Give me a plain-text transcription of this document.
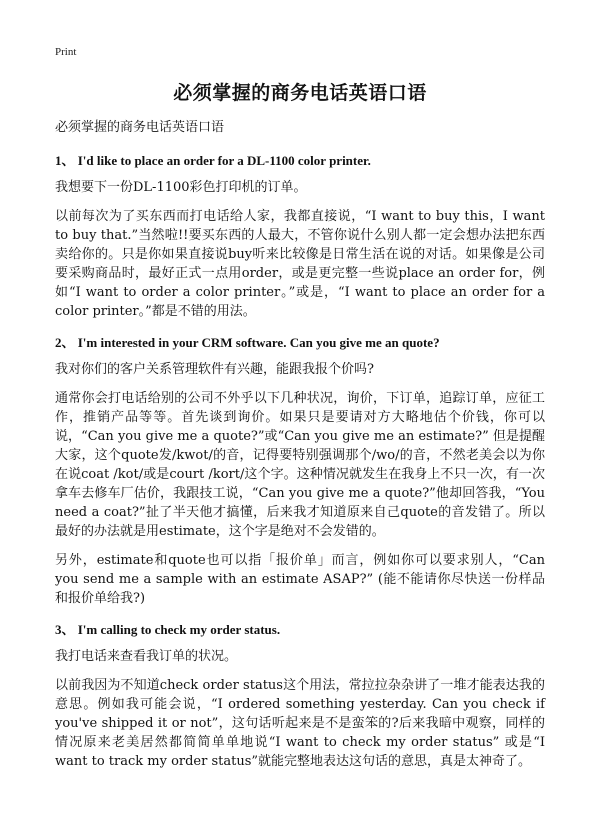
Print
必须掌握的商务电话英语口语

必须掌握的商务电话英语口语

1、 I'd like to place an order for a DL-1100 color printer.

我想要下一份DL-1100彩色打印机的订单。

以前每次为了买东西而打电话给人家，我都直接说，“I want to buy this，I want to buy that.”当然啦!!要买东西的人最大，不管你说什么别人都一定会想办法把东西卖给你的。只是你如果直接说buy听来比较像是日常生活在说的对话。如果像是公司要采购商品时，最好正式一点用order，或是更完整一些说place an order for，例如“I want to order a color printer。”或是，“I want to place an order for a color printer。”都是不错的用法。

2、 I'm interested in your CRM software. Can you give me an quote?

我对你们的客户关系管理软件有兴趣，能跟我报个价吗?

通常你会打电话给别的公司不外乎以下几种状况，询价，下订单，追踪订单，应征工作，推销产品等等。首先谈到询价。如果只是要请对方大略地估个价钱，你可以说，“Can you give me a quote?”或“Can you give me an estimate?” 但是提醒大家，这个quote发/kwot/的音，记得要特别强调那个/wo/的音，不然老美会以为你在说coat /kot/或是court /kort/这个字。这种情况就发生在我身上不只一次，有一次拿车去修车厂估价，我跟技工说，“Can you give me a quote?”他却回答我，“You need a coat?”扯了半天他才搞懂，后来我才知道原来自己quote的音发错了。所以最好的办法就是用estimate，这个字是绝对不会发错的。

另外，estimate和quote也可以指「报价单」而言，例如你可以要求别人，“Can you send me a sample with an estimate ASAP?” (能不能请你尽快送一份样品和报价单给我?)

3、 I'm calling to check my order status.

我打电话来查看我订单的状况。

以前我因为不知道check order status这个用法，常拉拉杂杂讲了一堆才能表达我的意思。例如我可能会说，“I ordered something yesterday. Can you check if you've shipped it or not”，这句话听起来是不是蛮笨的?后来我暗中观察，同样的情况原来老美居然都简简单单地说“I want to check my order status” 或是“I want to track my order status”就能完整地表达这句话的意思，真是太神奇了。
